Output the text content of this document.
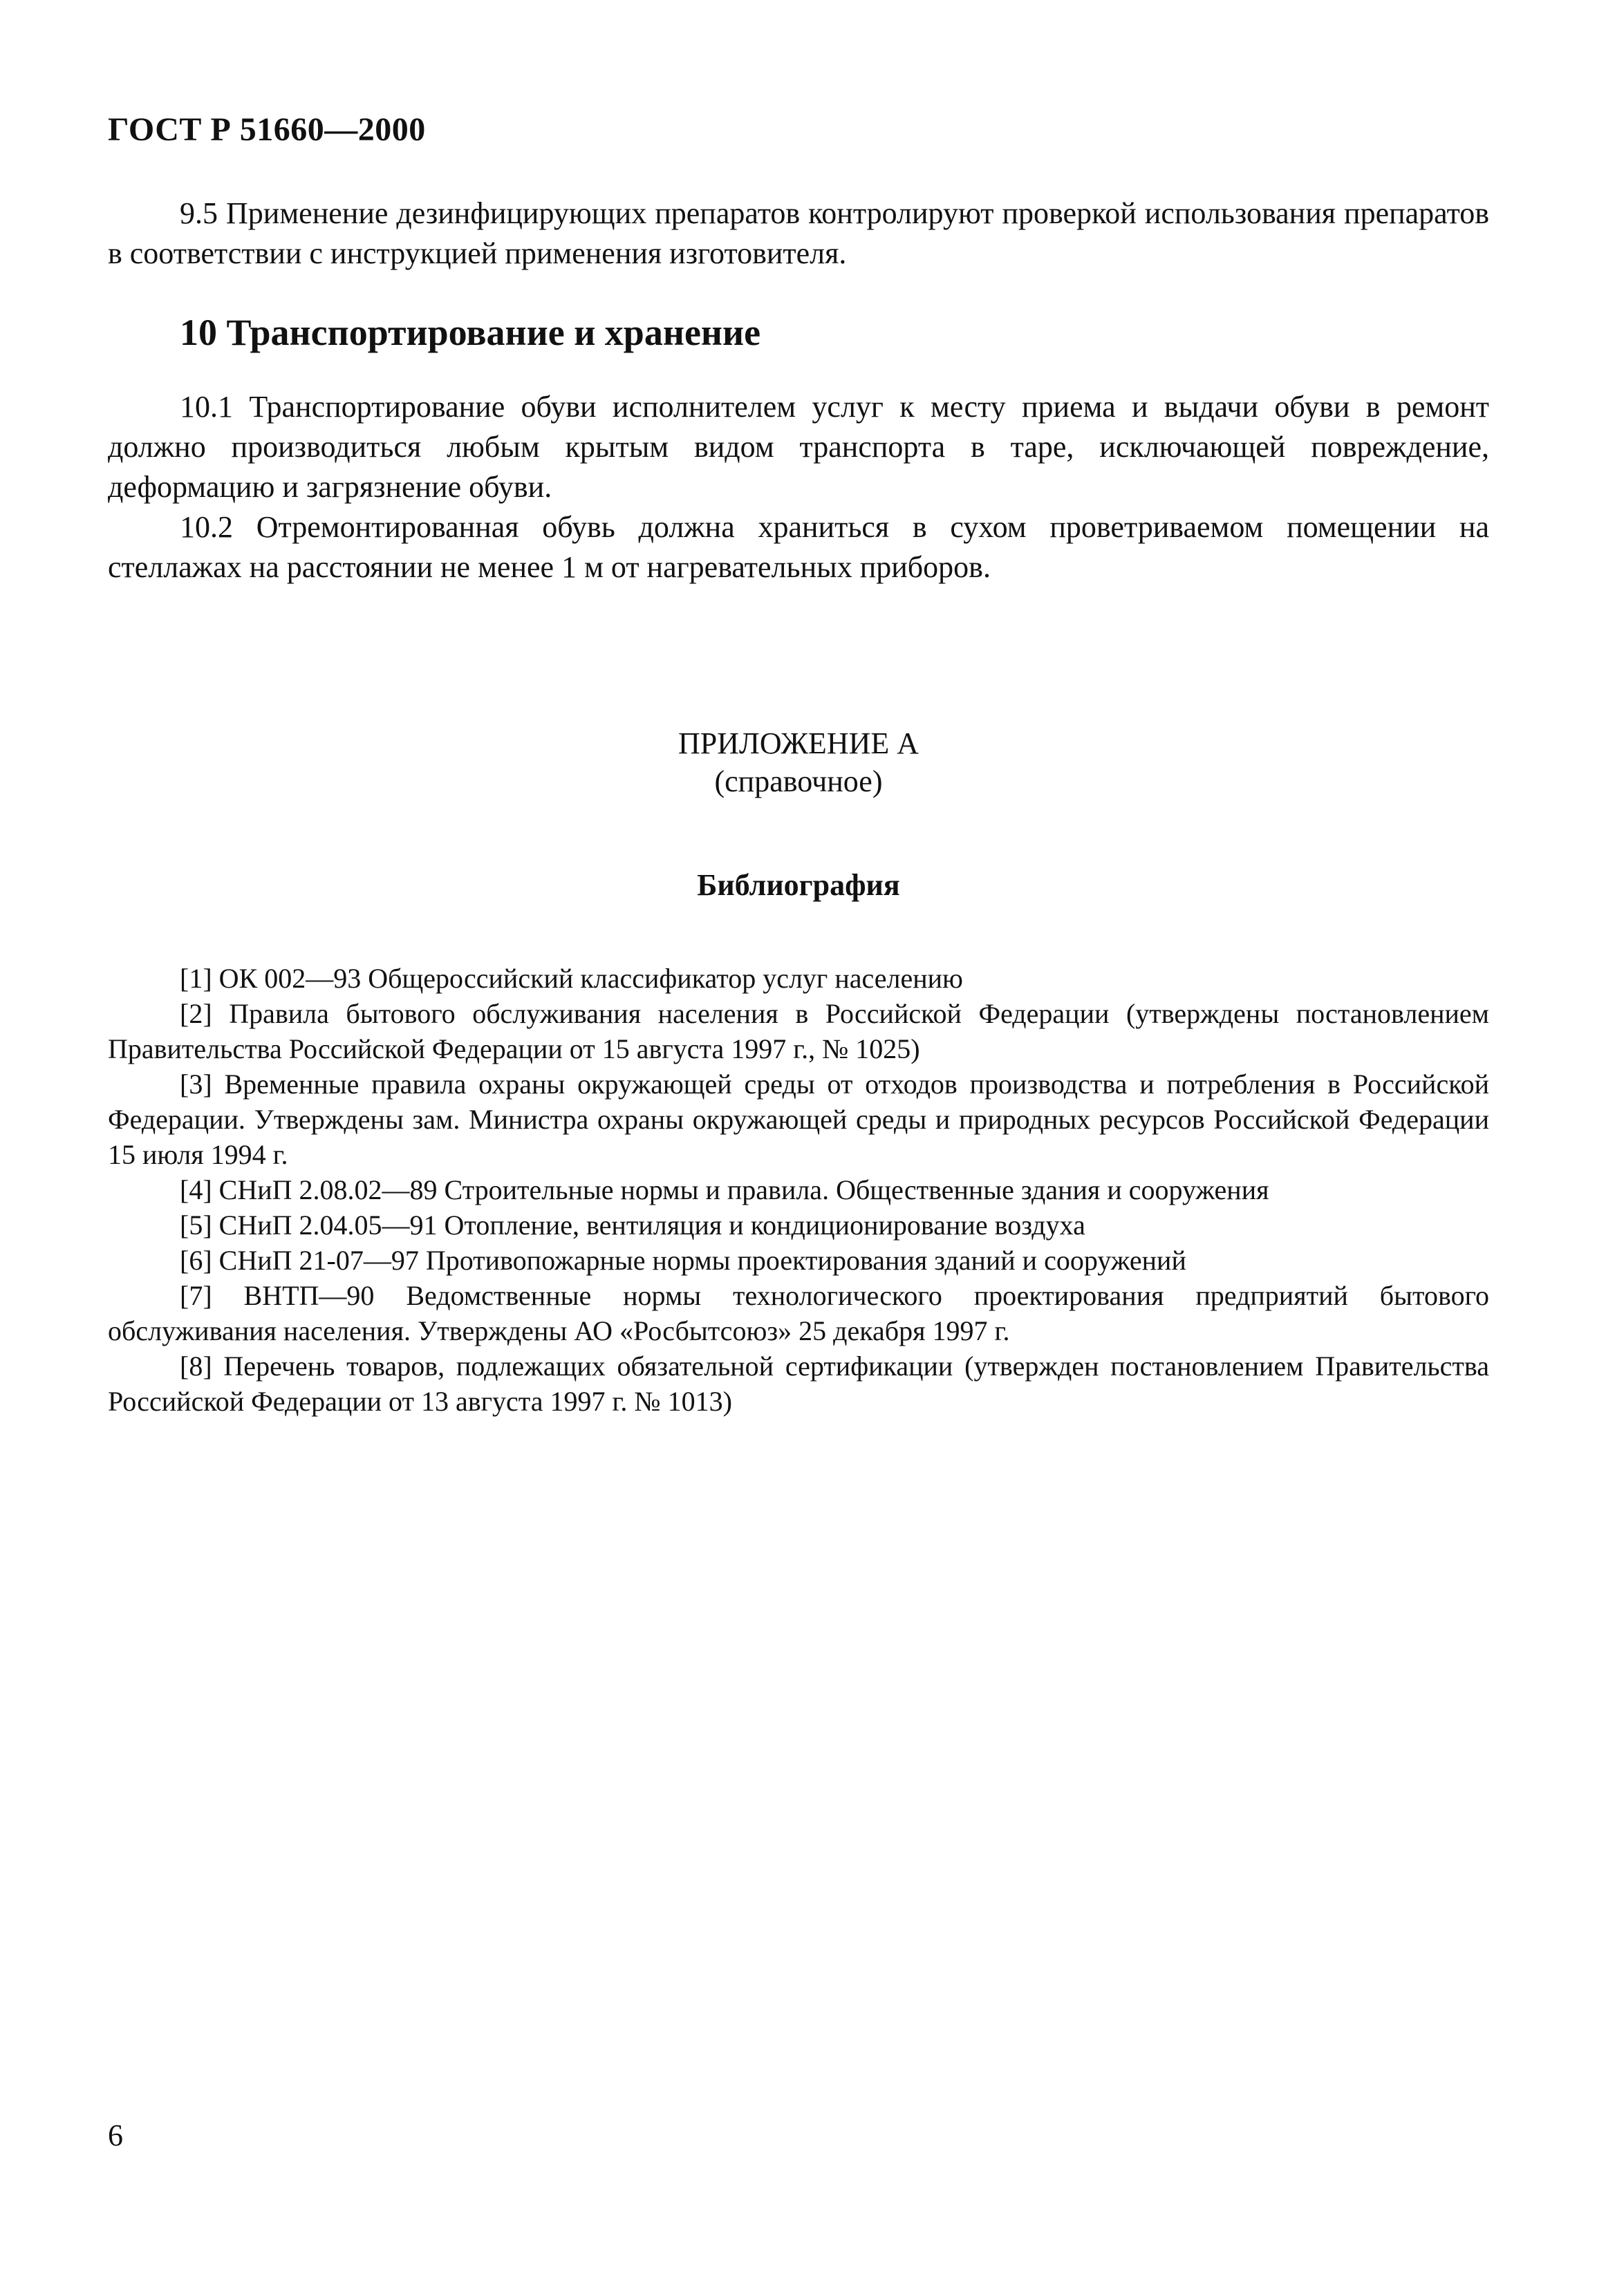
ГОСТ Р 51660—2000

9.5 Применение дезинфицирующих препаратов контролируют проверкой использования препаратов в соответствии с инструкцией применения изготовителя.

10 Транспортирование и хранение

10.1 Транспортирование обуви исполнителем услуг к месту приема и выдачи обуви в ремонт должно производиться любым крытым видом транспорта в таре, исключающей повреждение, деформацию и загрязнение обуви.

10.2 Отремонтированная обувь должна храниться в сухом проветриваемом помещении на стеллажах на расстоянии не менее 1 м от нагревательных приборов.

ПРИЛОЖЕНИЕ А
(справочное)
Библиография

[1] ОК 002—93 Общероссийский классификатор услуг населению

[2] Правила бытового обслуживания населения в Российской Федерации (утверждены постановлением Правительства Российской Федерации от 15 августа 1997 г., № 1025)

[3] Временные правила охраны окружающей среды от отходов производства и потребления в Российской Федерации. Утверждены зам. Министра охраны окружающей среды и природных ресурсов Российской Федерации 15 июля 1994 г.

[4] СНиП 2.08.02—89 Строительные нормы и правила. Общественные здания и сооружения

[5] СНиП 2.04.05—91 Отопление, вентиляция и кондиционирование воздуха

[6] СНиП 21-07—97 Противопожарные нормы проектирования зданий и сооружений

[7] ВНТП—90 Ведомственные нормы технологического проектирования предприятий бытового обслуживания населения. Утверждены АО «Росбытсоюз» 25 декабря 1997 г.

[8] Перечень товаров, подлежащих обязательной сертификации (утвержден постановлением Правительства Российской Федерации от 13 августа 1997 г. № 1013)

6
